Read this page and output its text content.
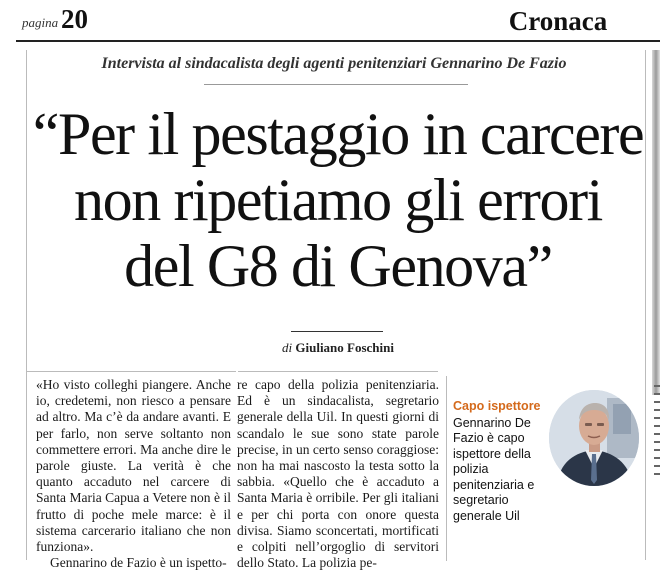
pagina 20	Cronaca
Intervista al sindacalista degli agenti penitenziari Gennarino De Fazio
“Per il pestaggio in carcere
non ripetiamo gli errori
del G8 di Genova”
di Giuliano Foschini

«Ho visto colleghi piangere. Anche io, credetemi, non riesco a pensare ad altro. Ma c’è da andare avanti. E per farlo, non serve soltanto non commettere errori. Ma anche dire le parole giuste. La verità è che quanto accaduto nel carcere di Santa Maria Capua a Vetere non è il frutto di poche mele marce: è il sistema carcerario italiano che non funziona».

Gennarino de Fazio è un ispetto-

re capo della polizia penitenziaria. Ed è un sindacalista, segretario generale della Uil. In questi giorni di scandalo le sue sono state parole precise, in un certo senso coraggiose: non ha mai nascosto la testa sotto la sabbia. «Quello che è accaduto a Santa Maria è orribile. Per gli italiani e per chi porta con onore questa divisa. Siamo sconcertati, mortificati e colpiti nell’orgoglio di servitori dello Stato. La polizia pe-

Capo ispettore
Gennarino De Fazio è capo ispettore della polizia penitenziaria e segretario generale Uil
